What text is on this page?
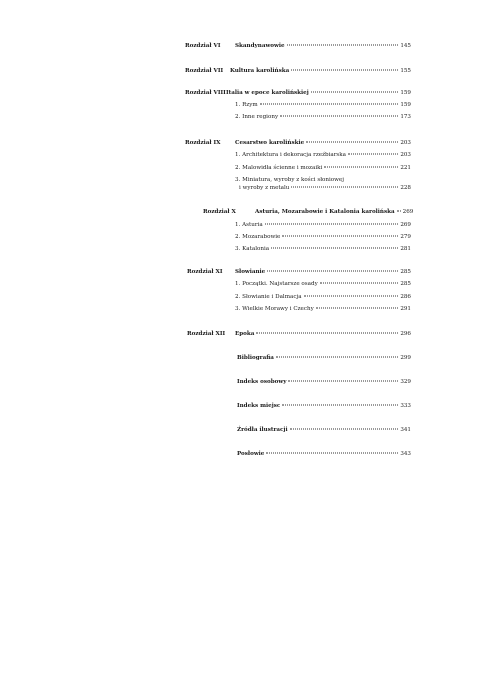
Rozdział VI	Skandynawowie	145
Rozdział VII Kultura karolińska	155
Rozdział VIII Italia w epoce karolińskiej	159
1. Rzym	159
2. Inne regiony	173
Rozdział IX	Cesarstwo karolińskie	203
1. Architektura i dekoracja rzeźbiarska	203
2. Malowidła ścienne i mozaiki	221
3. Miniatura, wyroby z kości słoniowej
i wyroby z metalu	228
Rozdział X	Asturia, Mozarabowie i Katalonia karolińska 269
1. Asturia	269
2. Mozarabowie	279
3. Katalonia	281
Rozdział XI Słowianie	285
1. Początki. Najstarsze osady	285
2. Słowianie i Dalmacja	286
3. Wielkie Morawy i Czechy	291
Rozdział XII Epoka	296
Bibliografia	299
Indeks osobowy	329
Indeks miejsc	333
Źródła ilustracji	341
Posłowie	343
